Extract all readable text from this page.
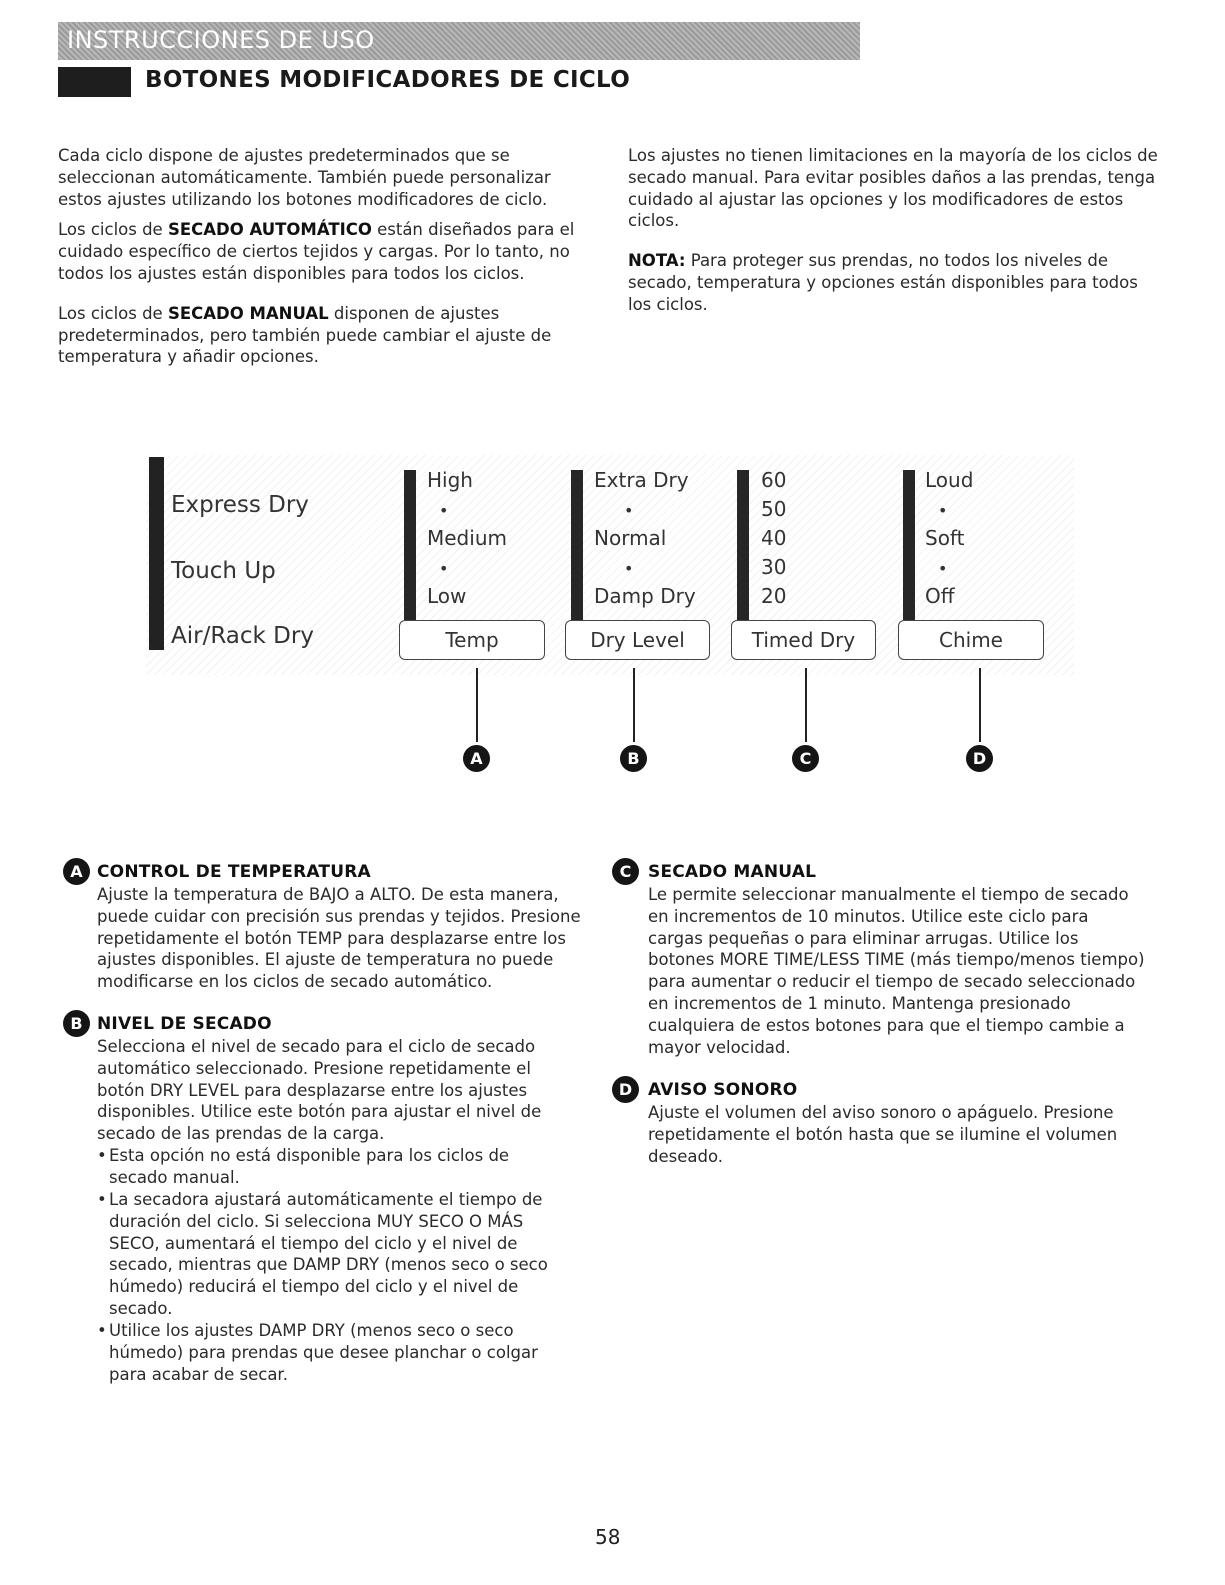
INSTRUCCIONES DE USO
BOTONES MODIFICADORES DE CICLO

Cada ciclo dispone de ajustes predeterminados que se seleccionan automáticamente. También puede personalizar estos ajustes utilizando los botones modificadores de ciclo.

Los ciclos de SECADO AUTOMÁTICO están diseñados para el cuidado específico de ciertos tejidos y cargas. Por lo tanto, no todos los ajustes están disponibles para todos los ciclos.

Los ciclos de SECADO MANUAL disponen de ajustes predeterminados, pero también puede cambiar el ajuste de temperatura y añadir opciones.

Los ajustes no tienen limitaciones en la mayoría de los ciclos de secado manual. Para evitar posibles daños a las prendas, tenga cuidado al ajustar las opciones y los modificadores de estos ciclos.

NOTA: Para proteger sus prendas, no todos los niveles de secado, temperatura y opciones están disponibles para todos los ciclos.

Express Dry
Touch Up
Air/Rack Dry
High
•
Medium
•
Low
Temp
Extra Dry
•
Normal
•
Damp Dry
Dry Level
60
50
40
30
20
Timed Dry
Loud
•
Soft
•
Off
Chime
A	B	C	D
A CONTROL DE TEMPERATURA
Ajuste la temperatura de BAJO a ALTO. De esta manera, puede cuidar con precisión sus prendas y tejidos. Presione repetidamente el botón TEMP para desplazarse entre los ajustes disponibles. El ajuste de temperatura no puede modificarse en los ciclos de secado automático.
B NIVEL DE SECADO
Selecciona el nivel de secado para el ciclo de secado automático seleccionado. Presione repetidamente el botón DRY LEVEL para desplazarse entre los ajustes disponibles. Utilice este botón para ajustar el nivel de secado de las prendas de la carga.
• Esta opción no está disponible para los ciclos de secado manual.
• La secadora ajustará automáticamente el tiempo de duración del ciclo. Si selecciona MUY SECO O MÁS SECO, aumentará el tiempo del ciclo y el nivel de secado, mientras que DAMP DRY (menos seco o seco húmedo) reducirá el tiempo del ciclo y el nivel de secado.
• Utilice los ajustes DAMP DRY (menos seco o seco húmedo) para prendas que desee planchar o colgar para acabar de secar.
C SECADO MANUAL
Le permite seleccionar manualmente el tiempo de secado en incrementos de 10 minutos. Utilice este ciclo para cargas pequeñas o para eliminar arrugas. Utilice los botones MORE TIME/LESS TIME (más tiempo/menos tiempo) para aumentar o reducir el tiempo de secado seleccionado en incrementos de 1 minuto. Mantenga presionado cualquiera de estos botones para que el tiempo cambie a mayor velocidad.
D AVISO SONORO
Ajuste el volumen del aviso sonoro o apáguelo. Presione repetidamente el botón hasta que se ilumine el volumen deseado.
58
